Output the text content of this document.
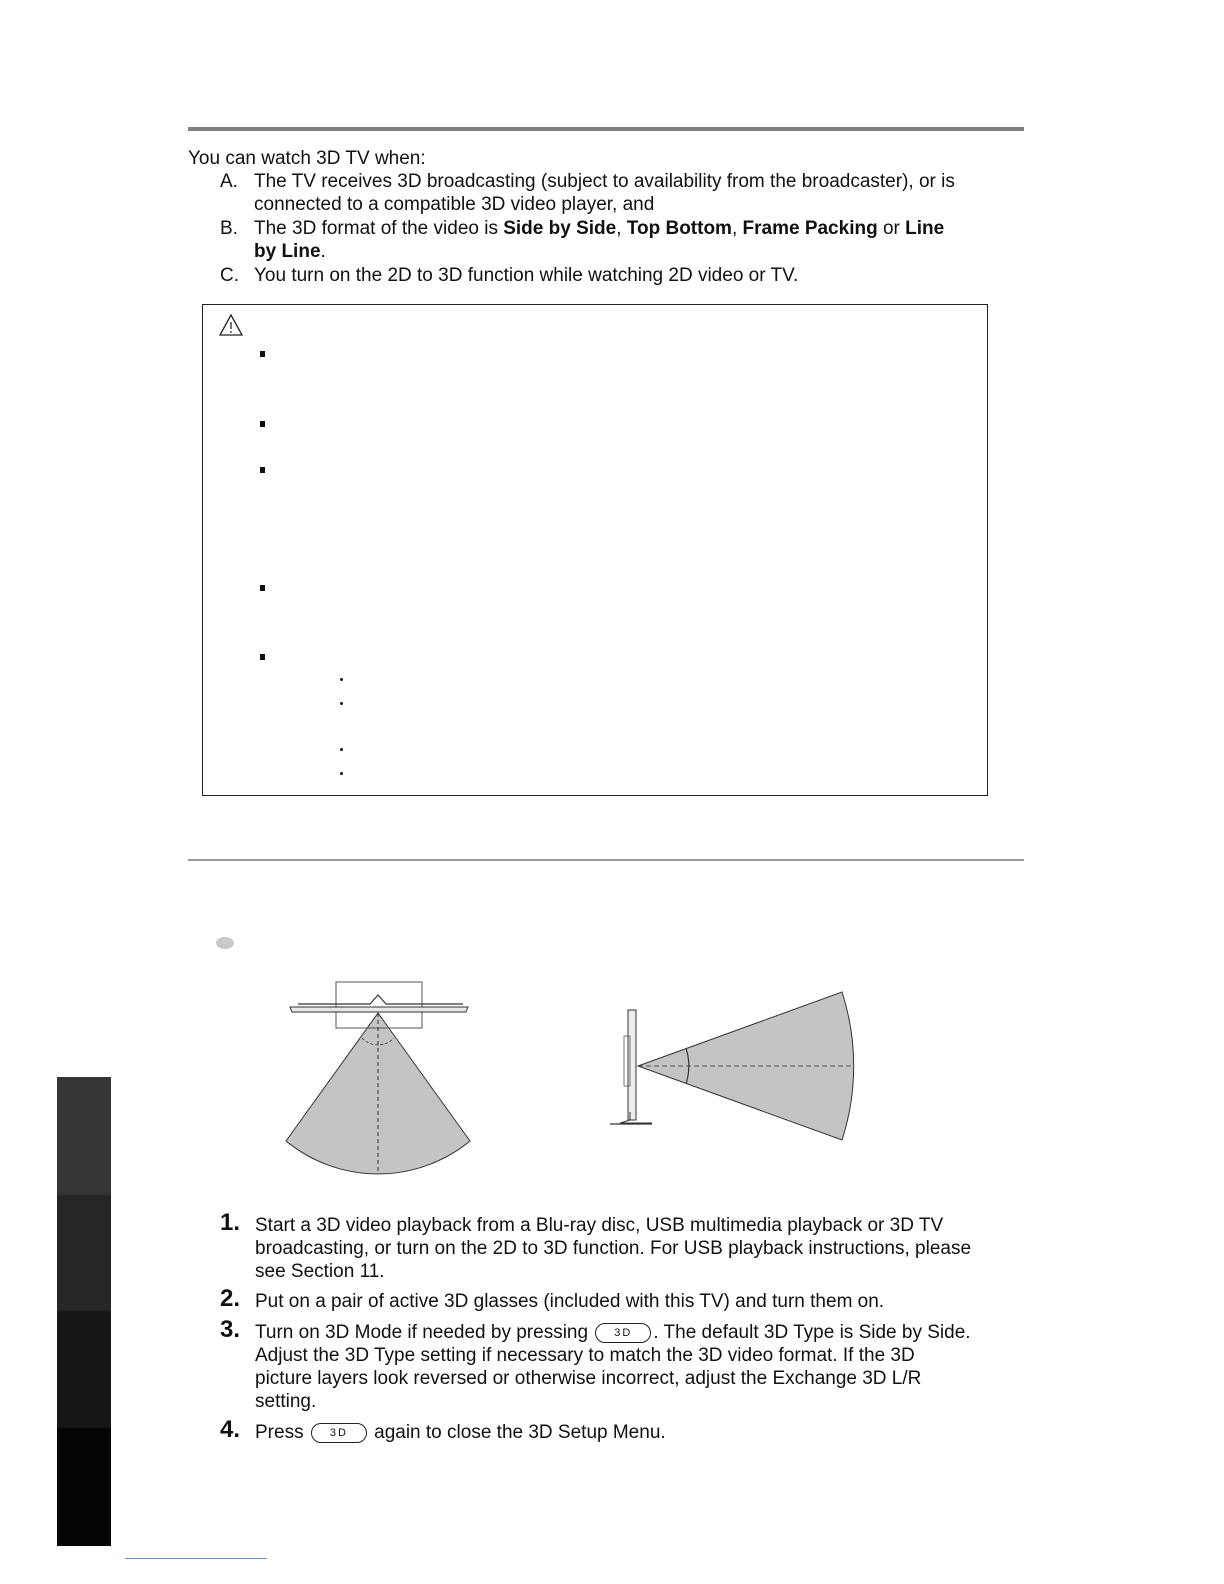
You can watch 3D TV when:
A. The TV receives 3D broadcasting (subject to availability from the broadcaster), or is
connected to a compatible 3D video player, and
B. The 3D format of the video is Side by Side, Top Bottom, Frame Packing or Line
by Line.
C. You turn on the 2D to 3D function while watching 2D video or TV.
1. Start a 3D video playback from a Blu-ray disc, USB multimedia playback or 3D TV
broadcasting, or turn on the 2D to 3D function. For USB playback instructions, please
see Section 11.
2. Put on a pair of active 3D glasses (included with this TV) and turn them on.
3. Turn on 3D Mode if needed by pressing 3D . The default 3D Type is Side by Side.
Adjust the 3D Type setting if necessary to match the 3D video format. If the 3D
picture layers look reversed or otherwise incorrect, adjust the Exchange 3D L/R
setting.
4. Press 3D again to close the 3D Setup Menu.
